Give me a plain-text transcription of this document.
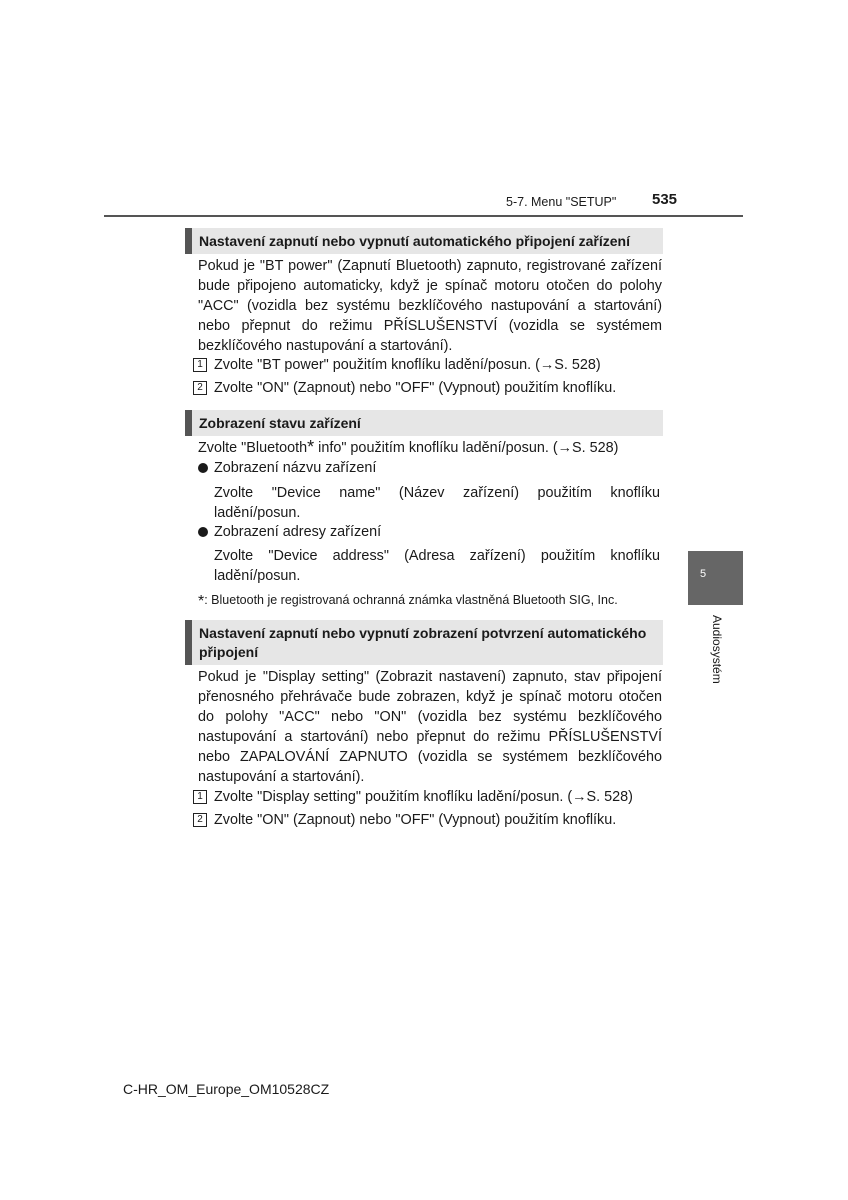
5-7. Menu "SETUP" 535
Nastavení zapnutí nebo vypnutí automatického připojení zařízení
Pokud je "BT power" (Zapnutí Bluetooth) zapnuto, registrované zařízení bude připojeno automaticky, když je spínač motoru otočen do polohy "ACC" (vozidla bez systému bezklíčového nastupování a startování) nebo přepnut do režimu PŘÍSLUŠENSTVÍ (vozidla se systémem bezklíčového nastupování a startování).
1 Zvolte "BT power" použitím knoflíku ladění/posun. (→S. 528)
2 Zvolte "ON" (Zapnout) nebo "OFF" (Vypnout) použitím knoflíku.
Zobrazení stavu zařízení
Zvolte "Bluetooth* info" použitím knoflíku ladění/posun. (→S. 528)
Zobrazení názvu zařízení
Zvolte "Device name" (Název zařízení) použitím knoflíku ladění/posun.
Zobrazení adresy zařízení
Zvolte "Device address" (Adresa zařízení) použitím knoflíku ladění/posun.
*: Bluetooth je registrovaná ochranná známka vlastněná Bluetooth SIG, Inc.
Nastavení zapnutí nebo vypnutí zobrazení potvrzení automatického připojení
Pokud je "Display setting" (Zobrazit nastavení) zapnuto, stav připojení přenosného přehrávače bude zobrazen, když je spínač motoru otočen do polohy "ACC" nebo "ON" (vozidla bez systému bezklíčového nastupování a startování) nebo přepnut do režimu PŘÍSLUŠENSTVÍ nebo ZAPALOVÁNÍ ZAPNUTO (vozidla se systémem bezklíčového nastupování a startování).
1 Zvolte "Display setting" použitím knoflíku ladění/posun. (→S. 528)
2 Zvolte "ON" (Zapnout) nebo "OFF" (Vypnout) použitím knoflíku.
5
Audiosystém
C-HR_OM_Europe_OM10528CZ
